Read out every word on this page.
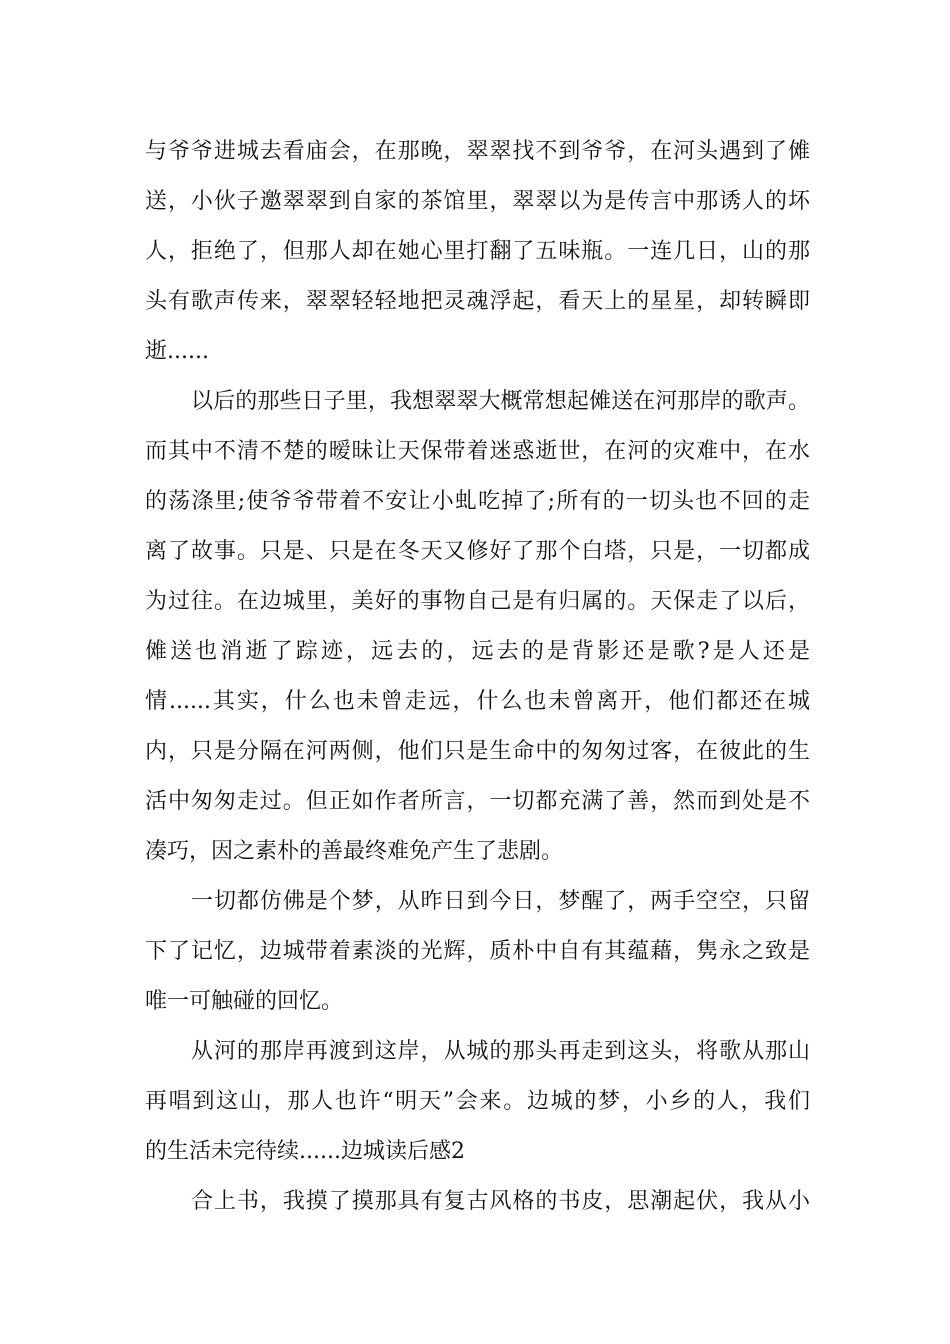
与爷爷进城去看庙会，在那晚，翠翠找不到爷爷，在河头遇到了傩
送，小伙子邀翠翠到自家的茶馆里，翠翠以为是传言中那诱人的坏
人，拒绝了，但那人却在她心里打翻了五味瓶。一连几日，山的那
头有歌声传来，翠翠轻轻地把灵魂浮起，看天上的星星，却转瞬即
逝......
以后的那些日子里，我想翠翠大概常想起傩送在河那岸的歌声。
而其中不清不楚的暧昧让天保带着迷惑逝世，在河的灾难中，在水
的荡涤里;使爷爷带着不安让小虬吃掉了;所有的一切头也不回的走
离了故事。只是、只是在冬天又修好了那个白塔，只是，一切都成
为过往。在边城里，美好的事物自己是有归属的。天保走了以后，
傩送也消逝了踪迹，远去的，远去的是背影还是歌?是人还是
情......其实，什么也未曾走远，什么也未曾离开，他们都还在城
内，只是分隔在河两侧，他们只是生命中的匆匆过客，在彼此的生
活中匆匆走过。但正如作者所言，一切都充满了善，然而到处是不
凑巧，因之素朴的善最终难免产生了悲剧。
一切都仿佛是个梦，从昨日到今日，梦醒了，两手空空，只留
下了记忆，边城带着素淡的光辉，质朴中自有其蕴藉，隽永之致是
唯一可触碰的回忆。
从河的那岸再渡到这岸，从城的那头再走到这头，将歌从那山
再唱到这山，那人也许“明天”会来。边城的梦，小乡的人，我们
的生活未完待续......边城读后感2
合上书，我摸了摸那具有复古风格的书皮，思潮起伏，我从小
